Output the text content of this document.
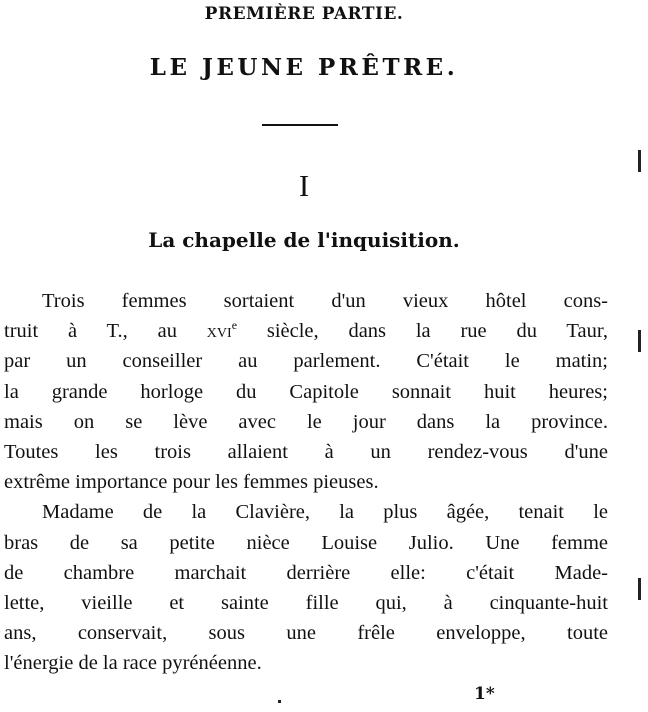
PREMIÈRE PARTIE.
LE JEUNE PRÊTRE.
I
La chapelle de l'inquisition.
Trois femmes sortaient d'un vieux hôtel cons-
truit à T., au xvi$^e$ siècle, dans la rue du Taur,
par un conseiller au parlement. C'était le matin;
la grande horloge du Capitole sonnait huit heures;
mais on se lève avec le jour dans la province.
Toutes les trois allaient à un rendez-vous d'une
extrême importance pour les femmes pieuses.
Madame de la Clavière, la plus âgée, tenait le
bras de sa petite nièce Louise Julio. Une femme
de chambre marchait derrière elle: c'était Made-
lette, vieille et sainte fille qui, à cinquante-huit
ans, conservait, sous une frêle enveloppe, toute
l'énergie de la race pyrénéenne.
1*
